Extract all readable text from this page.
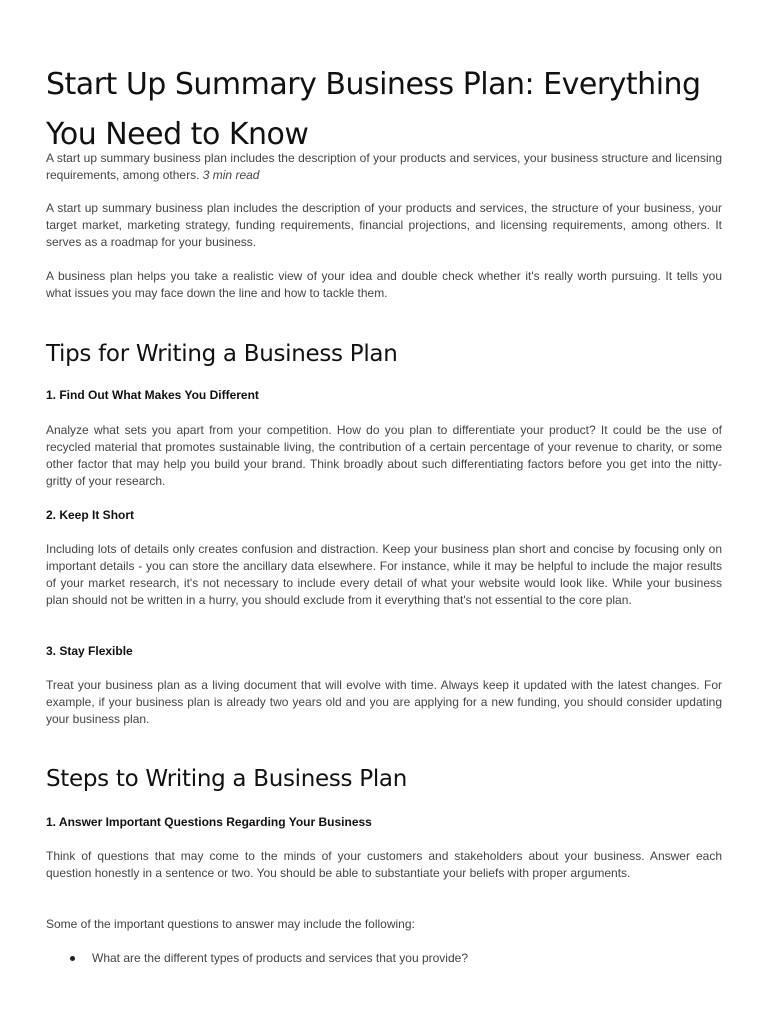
Start Up Summary Business Plan: Everything You Need to Know

A start up summary business plan includes the description of your products and services, your business structure and licensing requirements, among others. 3 min read

A start up summary business plan includes the description of your products and services, the structure of your business, your target market, marketing strategy, funding requirements, financial projections, and licensing requirements, among others. It serves as a roadmap for your business.

A business plan helps you take a realistic view of your idea and double check whether it's really worth pursuing. It tells you what issues you may face down the line and how to tackle them.

Tips for Writing a Business Plan
1. Find Out What Makes You Different

Analyze what sets you apart from your competition. How do you plan to differentiate your product? It could be the use of recycled material that promotes sustainable living, the contribution of a certain percentage of your revenue to charity, or some other factor that may help you build your brand. Think broadly about such differentiating factors before you get into the nitty-gritty of your research.

2. Keep It Short

Including lots of details only creates confusion and distraction. Keep your business plan short and concise by focusing only on important details - you can store the ancillary data elsewhere. For instance, while it may be helpful to include the major results of your market research, it's not necessary to include every detail of what your website would look like. While your business plan should not be written in a hurry, you should exclude from it everything that's not essential to the core plan.

3. Stay Flexible

Treat your business plan as a living document that will evolve with time. Always keep it updated with the latest changes. For example, if your business plan is already two years old and you are applying for a new funding, you should consider updating your business plan.

Steps to Writing a Business Plan
1. Answer Important Questions Regarding Your Business

Think of questions that may come to the minds of your customers and stakeholders about your business. Answer each question honestly in a sentence or two. You should be able to substantiate your beliefs with proper arguments.

Some of the important questions to answer may include the following:

What are the different types of products and services that you provide?
